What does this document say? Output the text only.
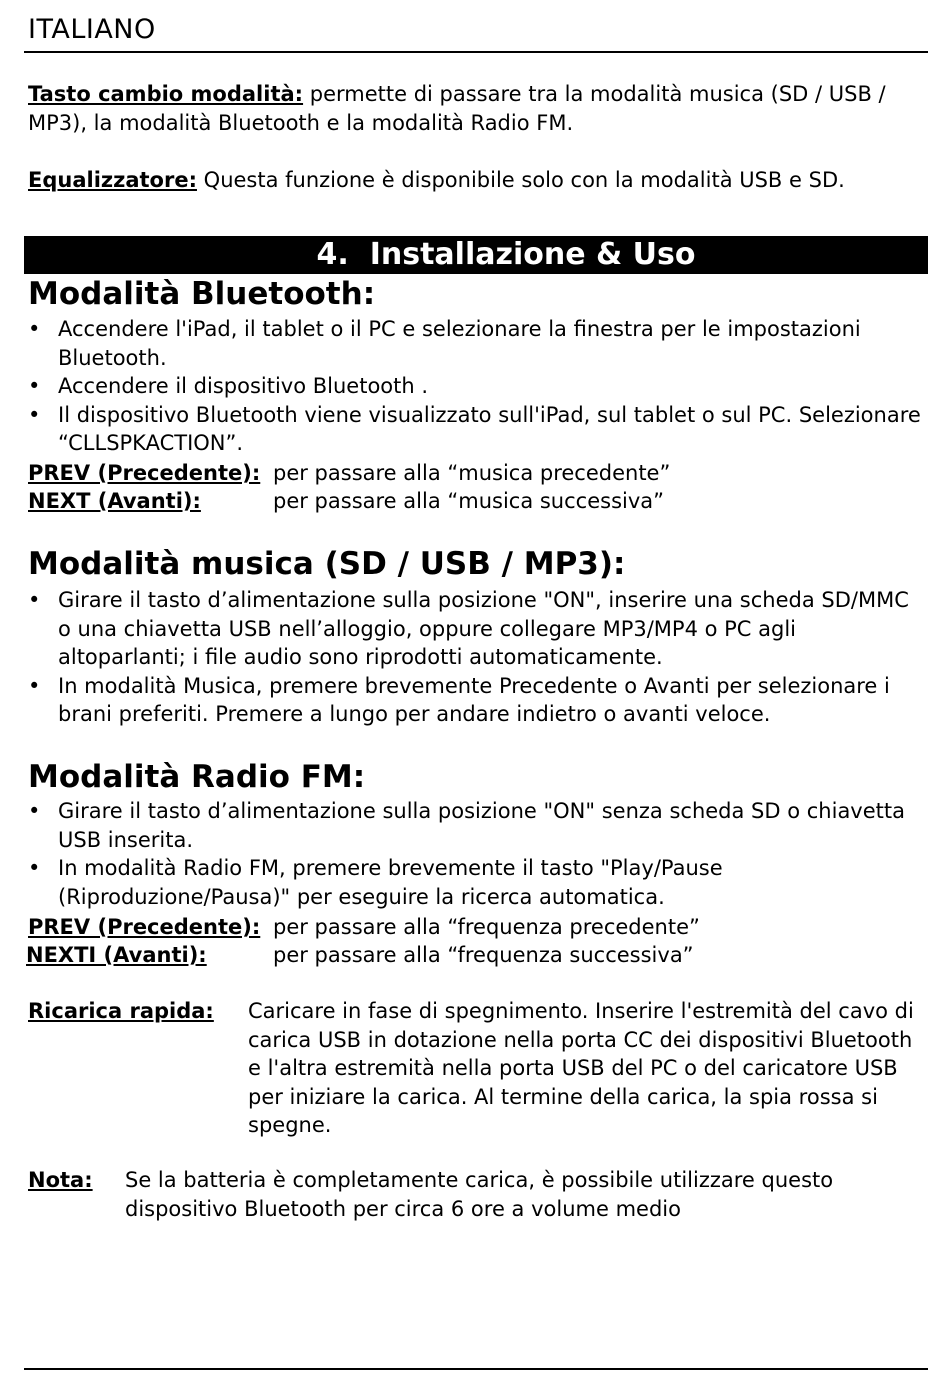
ITALIANO
Tasto cambio modalità: permette di passare tra la modalità musica (SD / USB / MP3), la modalità Bluetooth e la modalità Radio FM.
Equalizzatore: Questa funzione è disponibile solo con la modalità USB e SD.
4. Installazione & Uso
Modalità Bluetooth:
• Accendere l'iPad, il tablet o il PC e selezionare la finestra per le impostazioni Bluetooth.
• Accendere il dispositivo Bluetooth .
• Il dispositivo Bluetooth viene visualizzato sull'iPad, sul tablet o sul PC. Selezionare “CLLSPKACTION”.
PREV (Precedente): per passare alla “musica precedente”
NEXT (Avanti):	per passare alla “musica successiva”
Modalità musica (SD / USB / MP3):
• Girare il tasto d’alimentazione sulla posizione "ON", inserire una scheda SD/MMC o una chiavetta USB nell’alloggio, oppure collegare MP3/MP4 o PC agli altoparlanti; i file audio sono riprodotti automaticamente.
• In modalità Musica, premere brevemente Precedente o Avanti per selezionare i brani preferiti. Premere a lungo per andare indietro o avanti veloce.
Modalità Radio FM:
• Girare il tasto d’alimentazione sulla posizione "ON" senza scheda SD o chiavetta USB inserita.
• In modalità Radio FM, premere brevemente il tasto "Play/Pause (Riproduzione/Pausa)" per eseguire la ricerca automatica.
PREV (Precedente): per passare alla “frequenza precedente”
NEXTI (Avanti):	per passare alla “frequenza successiva”
Ricarica rapida: Caricare in fase di spegnimento. Inserire l'estremità del cavo di carica USB in dotazione nella porta CC dei dispositivi Bluetooth e l'altra estremità nella porta USB del PC o del caricatore USB per iniziare la carica. Al termine della carica, la spia rossa si spegne.
Nota: Se la batteria è completamente carica, è possibile utilizzare questo dispositivo Bluetooth per circa 6 ore a volume medio
